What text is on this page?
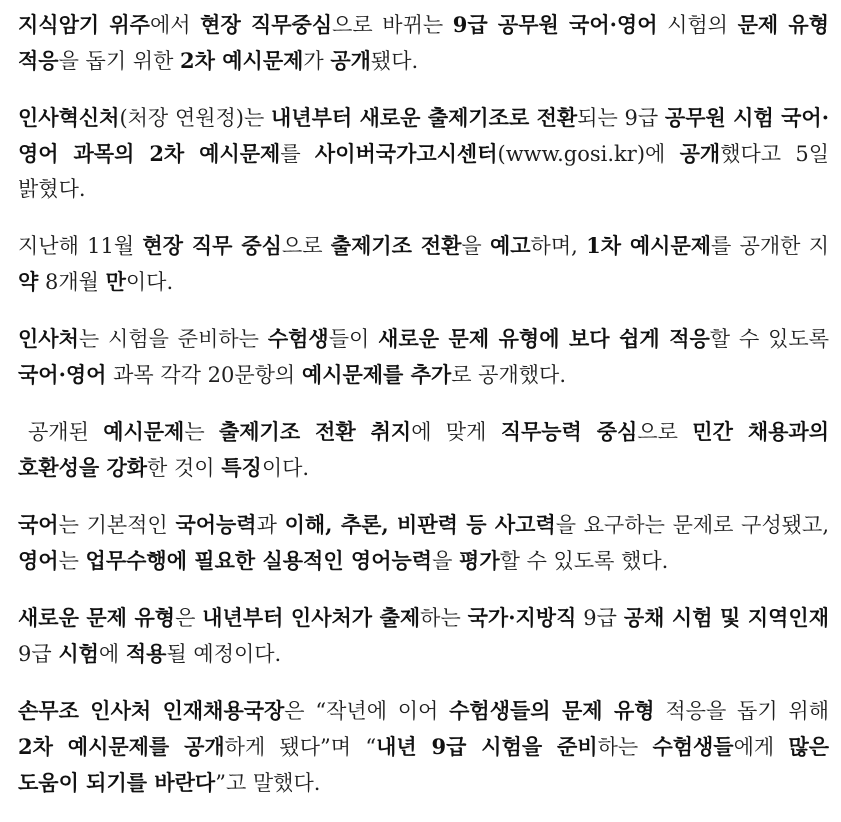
지식암기 위주에서 현장 직무중심으로 바뀌는 9급 공무원 국어·영어 시험의 문제 유형 적응을 돕기 위한 2차 예시문제가 공개됐다.

인사혁신처(처장 연원정)는 내년부터 새로운 출제기조로 전환되는 9급 공무원 시험 국어·영어 과목의 2차 예시문제를 사이버국가고시센터(www.gosi.kr)에 공개했다고 5일 밝혔다.

지난해 11월 현장 직무 중심으로 출제기조 전환을 예고하며, 1차 예시문제를 공개한 지 약 8개월 만이다.

인사처는 시험을 준비하는 수험생들이 새로운 문제 유형에 보다 쉽게 적응할 수 있도록 국어·영어 과목 각각 20문항의 예시문제를 추가로 공개했다.

공개된 예시문제는 출제기조 전환 취지에 맞게 직무능력 중심으로 민간 채용과의 호환성을 강화한 것이 특징이다.

국어는 기본적인 국어능력과 이해, 추론, 비판력 등 사고력을 요구하는 문제로 구성됐고, 영어는 업무수행에 필요한 실용적인 영어능력을 평가할 수 있도록 했다.

새로운 문제 유형은 내년부터 인사처가 출제하는 국가·지방직 9급 공채 시험 및 지역인재 9급 시험에 적용될 예정이다.

손무조 인사처 인재채용국장은 “작년에 이어 수험생들의 문제 유형 적응을 돕기 위해 2차 예시문제를 공개하게 됐다”며 “내년 9급 시험을 준비하는 수험생들에게 많은 도움이 되기를 바란다”고 말했다.
